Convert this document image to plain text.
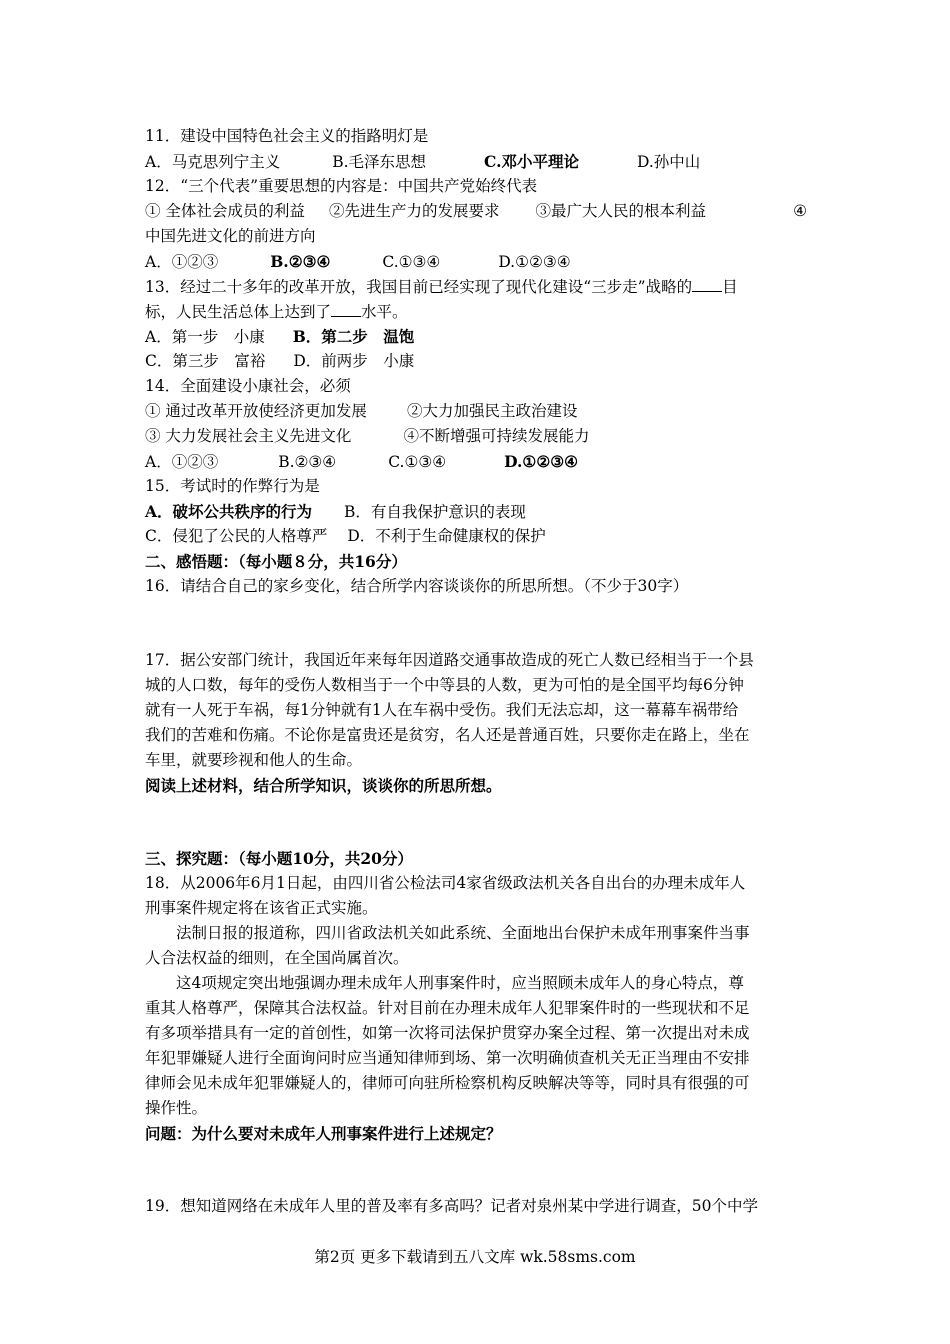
11．建设中国特色社会主义的指路明灯是
A．马克思列宁主义	B.毛泽东思想	C.邓小平理论	D.孙中山
12．“三个代表”重要思想的内容是：中国共产党始终代表
① 全体社会成员的利益 ②先进生产力的发展要求 ③最广大人民的根本利益	④
中国先进文化的前进方向
A．①②③	B.②③④	C.①③④	D.①②③④
13．经过二十多年的改革开放，我国目前已经实现了现代化建设“三步走”战略的 目
标，人民生活总体上达到了 水平。
A．第一步　小康 B．第二步　温饱
C．第三步　富裕 D．前两步　小康
14．全面建设小康社会，必须
① 通过改革开放使经济更加发展	②大力加强民主政治建设
③ 大力发展社会主义先进文化	④不断增强可持续发展能力
A．①②③	B.②③④	C.①③④	D.①②③④
15．考试时的作弊行为是
A．破坏公共秩序的行为 B．有自我保护意识的表现
C．侵犯了公民的人格尊严 D．不利于生命健康权的保护
二、感悟题：（每小题８分，共16分）
16．请结合自己的家乡变化，结合所学内容谈谈你的所思所想。（不少于30字）
17．据公安部门统计，我国近年来每年因道路交通事故造成的死亡人数已经相当于一个县
城的人口数，每年的受伤人数相当于一个中等县的人数，更为可怕的是全国平均每6分钟
就有一人死于车祸，每1分钟就有1人在车祸中受伤。我们无法忘却，这一幕幕车祸带给
我们的苦难和伤痛。不论你是富贵还是贫穷，名人还是普通百姓，只要你走在路上，坐在
车里，就要珍视和他人的生命。
阅读上述材料，结合所学知识，谈谈你的所思所想。
三、探究题：（每小题10分，共20分）
18．从2006年6月1日起，由四川省公检法司4家省级政法机关各自出台的办理未成年人
刑事案件规定将在该省正式实施。
　　法制日报的报道称，四川省政法机关如此系统、全面地出台保护未成年刑事案件当事
人合法权益的细则，在全国尚属首次。
　　这4项规定突出地强调办理未成年人刑事案件时，应当照顾未成年人的身心特点，尊
重其人格尊严，保障其合法权益。针对目前在办理未成年人犯罪案件时的一些现状和不足
有多项举措具有一定的首创性，如第一次将司法保护贯穿办案全过程、第一次提出对未成
年犯罪嫌疑人进行全面询问时应当通知律师到场、第一次明确侦查机关无正当理由不安排
律师会见未成年犯罪嫌疑人的，律师可向驻所检察机构反映解决等等，同时具有很强的可
操作性。
问题：为什么要对未成年人刑事案件进行上述规定？
19．想知道网络在未成年人里的普及率有多高吗？记者对泉州某中学进行调查，50个中学
第2页 更多下载请到五八文库 wk.58sms.com
